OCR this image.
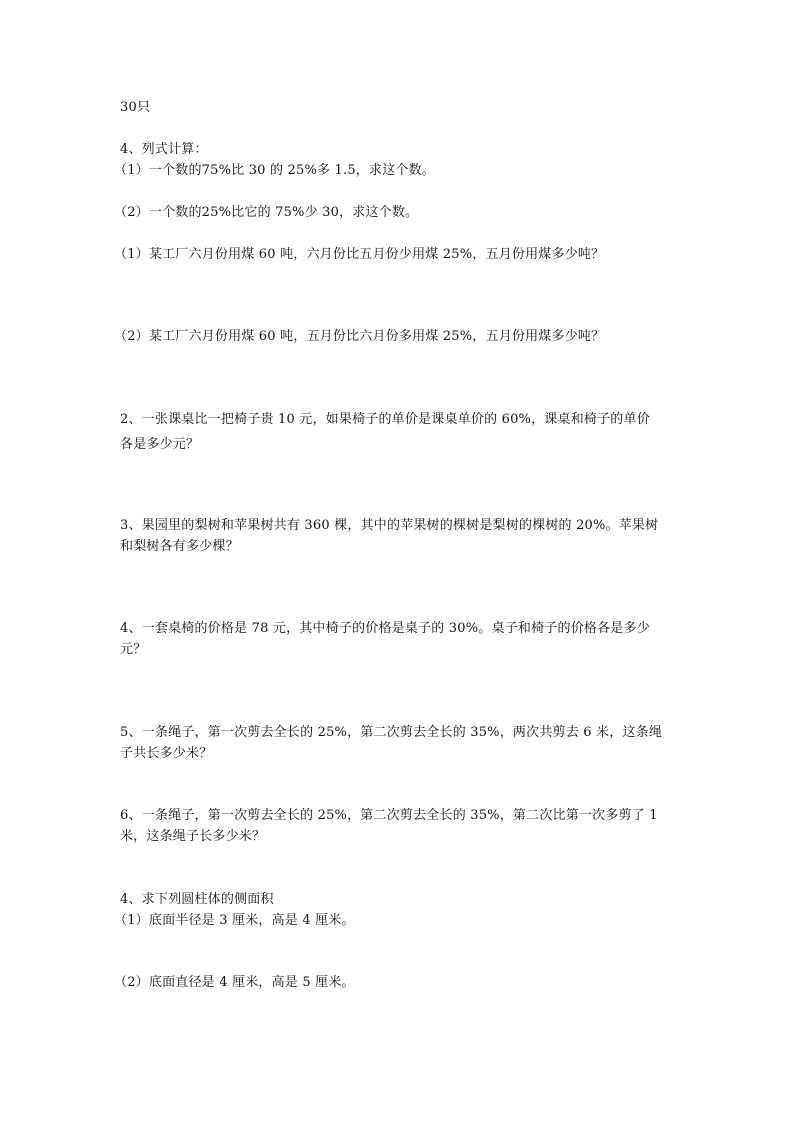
30只
4、列式计算：
（1）一个数的75%比 30 的 25%多 1.5，求这个数。
（2）一个数的25%比它的 75%少 30，求这个数。
（1）某工厂六月份用煤 60 吨，六月份比五月份少用煤 25%，五月份用煤多少吨？
（2）某工厂六月份用煤 60 吨，五月份比六月份多用煤 25%，五月份用煤多少吨？
2、一张课桌比一把椅子贵 10 元，如果椅子的单价是课桌单价的 60%，课桌和椅子的单价
各是多少元？
3、果园里的梨树和苹果树共有 360 棵，其中的苹果树的棵树是梨树的棵树的 20%。苹果树
和梨树各有多少棵？
4、一套桌椅的价格是 78 元，其中椅子的价格是桌子的 30%。桌子和椅子的价格各是多少
元？
5、一条绳子，第一次剪去全长的 25%，第二次剪去全长的 35%，两次共剪去 6 米，这条绳
子共长多少米？
6、一条绳子，第一次剪去全长的 25%，第二次剪去全长的 35%，第二次比第一次多剪了 1
米，这条绳子长多少米？
4、求下列圆柱体的侧面积
（1）底面半径是 3 厘米，高是 4 厘米。
（2）底面直径是 4 厘米，高是 5 厘米。
